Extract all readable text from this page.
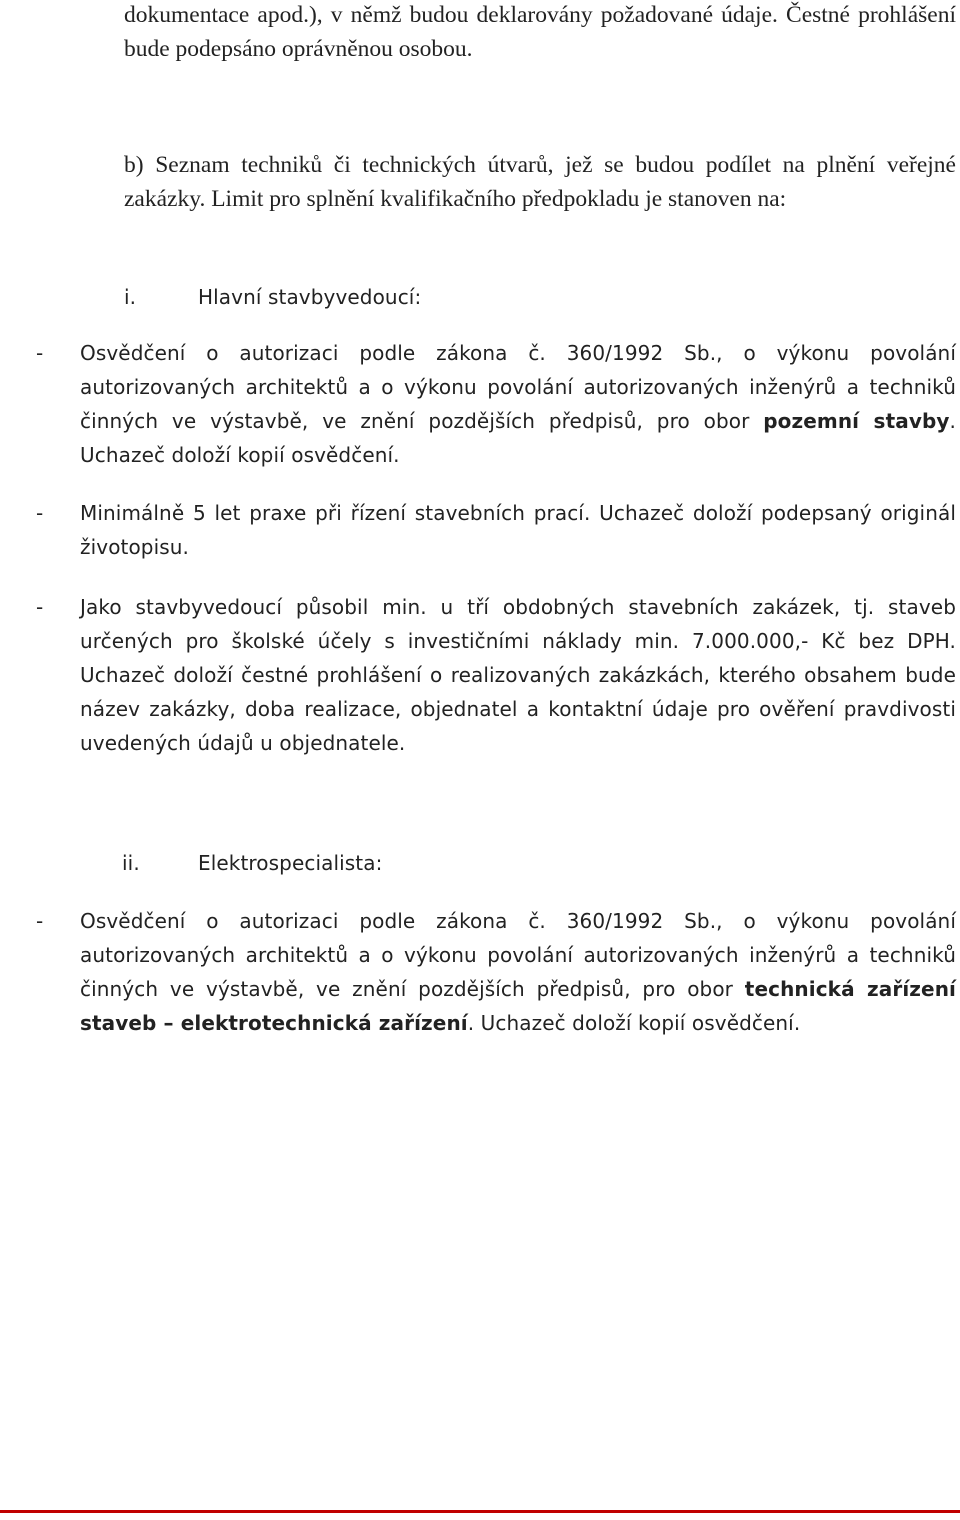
dokumentace apod.), v němž budou deklarovány požadované údaje. Čestné prohlášení bude podepsáno oprávněnou osobou.

b) Seznam techniků či technických útvarů, jež se budou podílet na plnění veřejné zakázky. Limit pro splnění kvalifikačního předpokladu je stanoven na:

i.	Hlavní stavbyvedoucí:
- Osvědčení o autorizaci podle zákona č. 360/1992 Sb., o výkonu povolání autorizovaných architektů a o výkonu povolání autorizovaných inženýrů a techniků činných ve výstavbě, ve znění pozdějších předpisů, pro obor pozemní stavby. Uchazeč doloží kopií osvědčení.

- Minimálně 5 let praxe při řízení stavebních prací. Uchazeč doloží podepsaný originál životopisu.

- Jako stavbyvedoucí působil min. u tří obdobných stavebních zakázek, tj. staveb určených pro školské účely s investičními náklady min. 7.000.000,- Kč bez DPH. Uchazeč doloží čestné prohlášení o realizovaných zakázkách, kterého obsahem bude název zakázky, doba realizace, objednatel a kontaktní údaje pro ověření pravdivosti uvedených údajů u objednatele.

ii.	Elektrospecialista:
- Osvědčení o autorizaci podle zákona č. 360/1992 Sb., o výkonu povolání autorizovaných architektů a o výkonu povolání autorizovaných inženýrů a techniků činných ve výstavbě, ve znění pozdějších předpisů, pro obor technická zařízení staveb – elektrotechnická zařízení. Uchazeč doloží kopií osvědčení.
